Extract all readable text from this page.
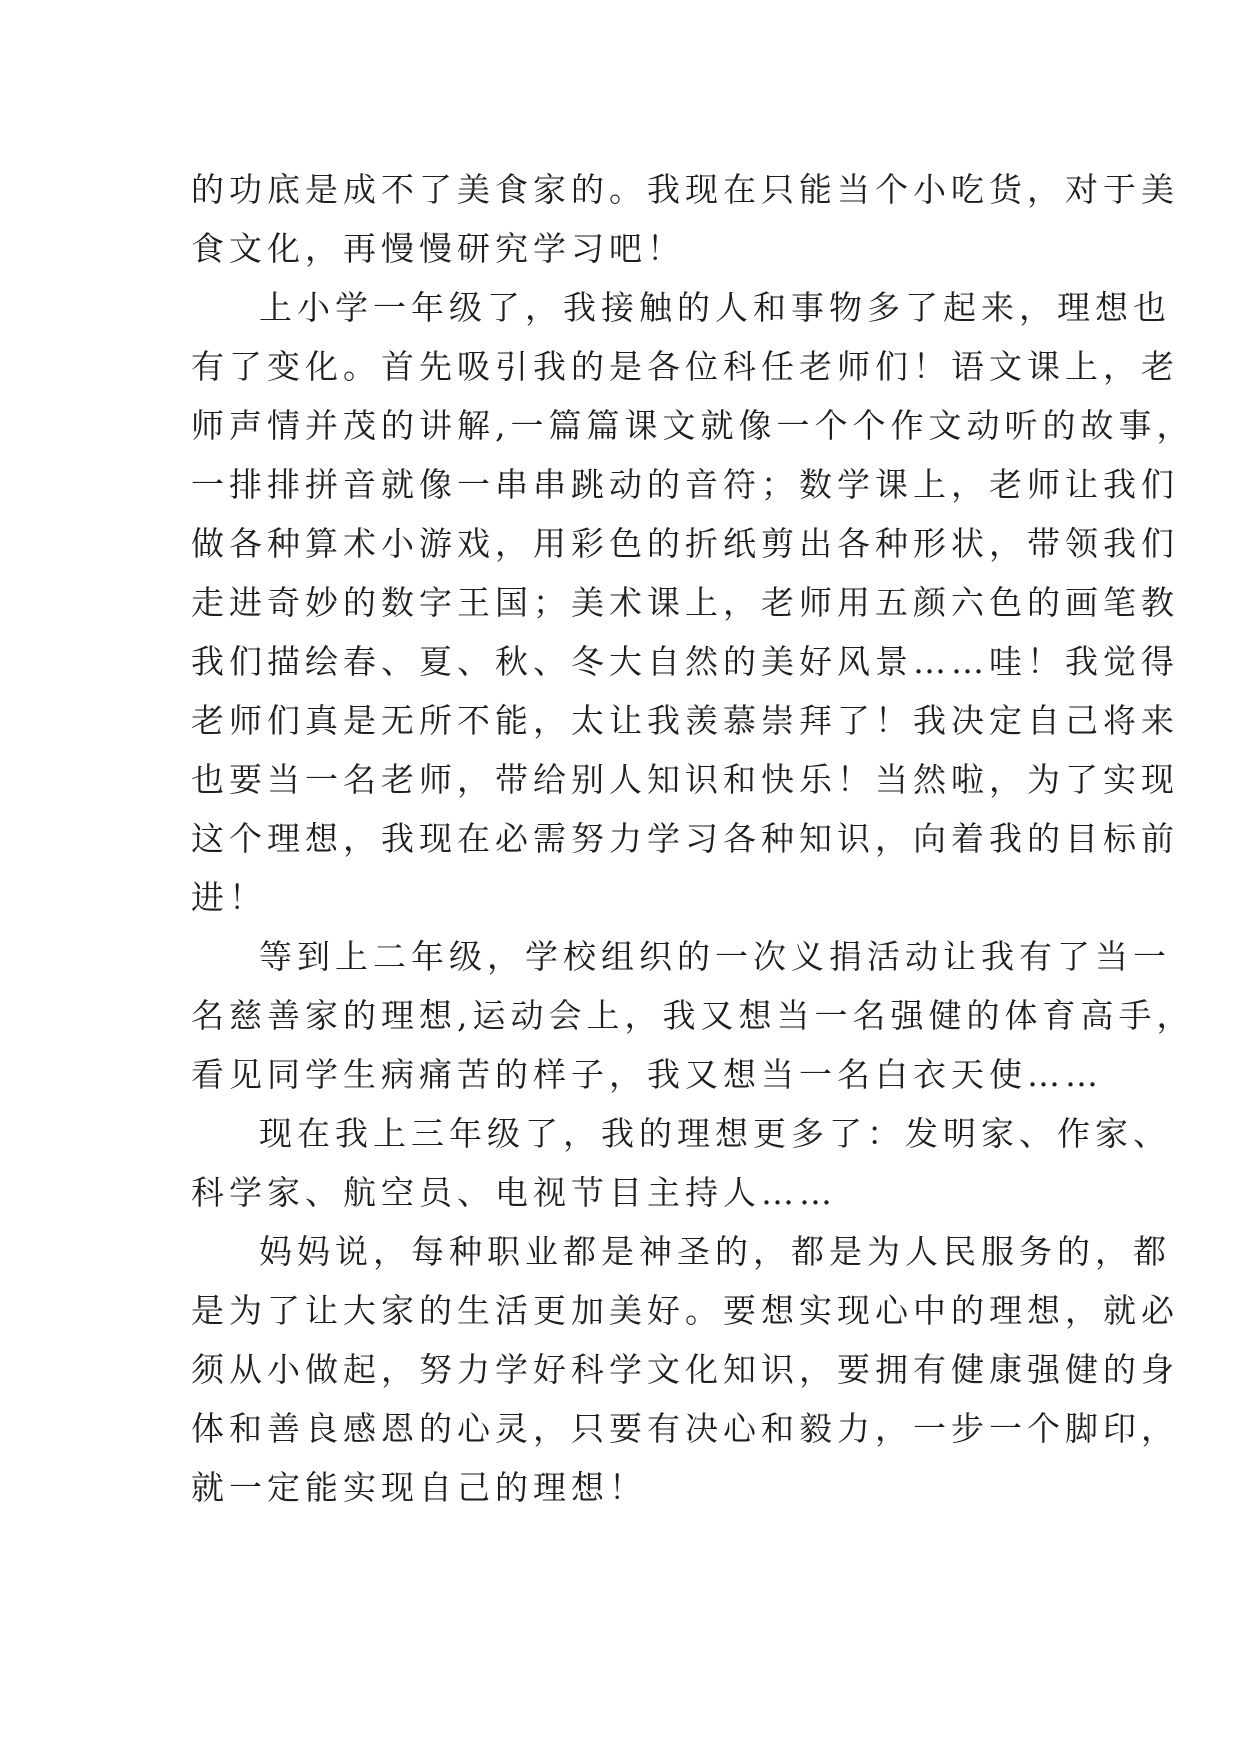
的功底是成不了美食家的。我现在只能当个小吃货，对于美
食文化，再慢慢研究学习吧！

上小学一年级了，我接触的人和事物多了起来，理想也
有了变化。首先吸引我的是各位科任老师们！语文课上，老
师声情并茂的讲解,一篇篇课文就像一个个作文动听的故事，
一排排拼音就像一串串跳动的音符；数学课上，老师让我们
做各种算术小游戏，用彩色的折纸剪出各种形状，带领我们
走进奇妙的数字王国；美术课上，老师用五颜六色的画笔教
我们描绘春、夏、秋、冬大自然的美好风景……哇！我觉得
老师们真是无所不能，太让我羡慕崇拜了！我决定自己将来
也要当一名老师，带给别人知识和快乐！当然啦，为了实现
这个理想，我现在必需努力学习各种知识，向着我的目标前
进！

等到上二年级，学校组织的一次义捐活动让我有了当一
名慈善家的理想,运动会上，我又想当一名强健的体育高手，
看见同学生病痛苦的样子，我又想当一名白衣天使……

现在我上三年级了，我的理想更多了：发明家、作家、
科学家、航空员、电视节目主持人……

妈妈说，每种职业都是神圣的，都是为人民服务的，都
是为了让大家的生活更加美好。要想实现心中的理想，就必
须从小做起，努力学好科学文化知识，要拥有健康强健的身
体和善良感恩的心灵，只要有决心和毅力，一步一个脚印，
就一定能实现自己的理想！
